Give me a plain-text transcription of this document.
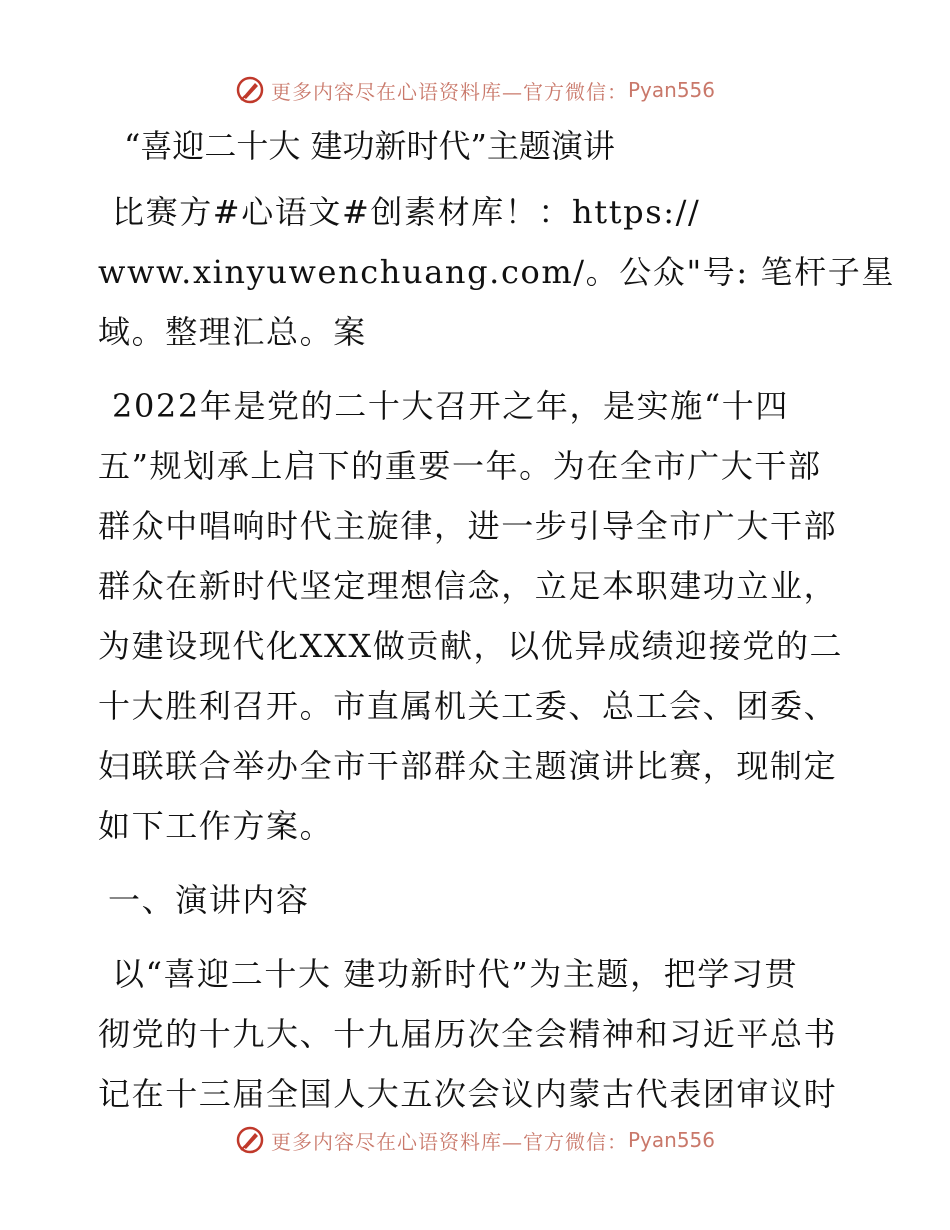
更多内容尽在心语资料库—官方微信： Pyan556
“喜迎二十大 建功新时代”主题演讲
比赛方#心语文#创素材库！：https://
www.xinyuwenchuang.com/。公众"号: 笔杆子星
域。整理汇总。案
2022年是党的二十大召开之年，是实施“十四
五”规划承上启下的重要一年。为在全市广大干部
群众中唱响时代主旋律，进一步引导全市广大干部
群众在新时代坚定理想信念，立足本职建功立业，
为建设现代化XXX做贡献，以优异成绩迎接党的二
十大胜利召开。市直属机关工委、总工会、团委、
妇联联合举办全市干部群众主题演讲比赛，现制定
如下工作方案。
一、演讲内容
以“喜迎二十大 建功新时代”为主题，把学习贯
彻党的十九大、十九届历次全会精神和习近平总书
记在十三届全国人大五次会议内蒙古代表团审议时
更多内容尽在心语资料库—官方微信： Pyan556
